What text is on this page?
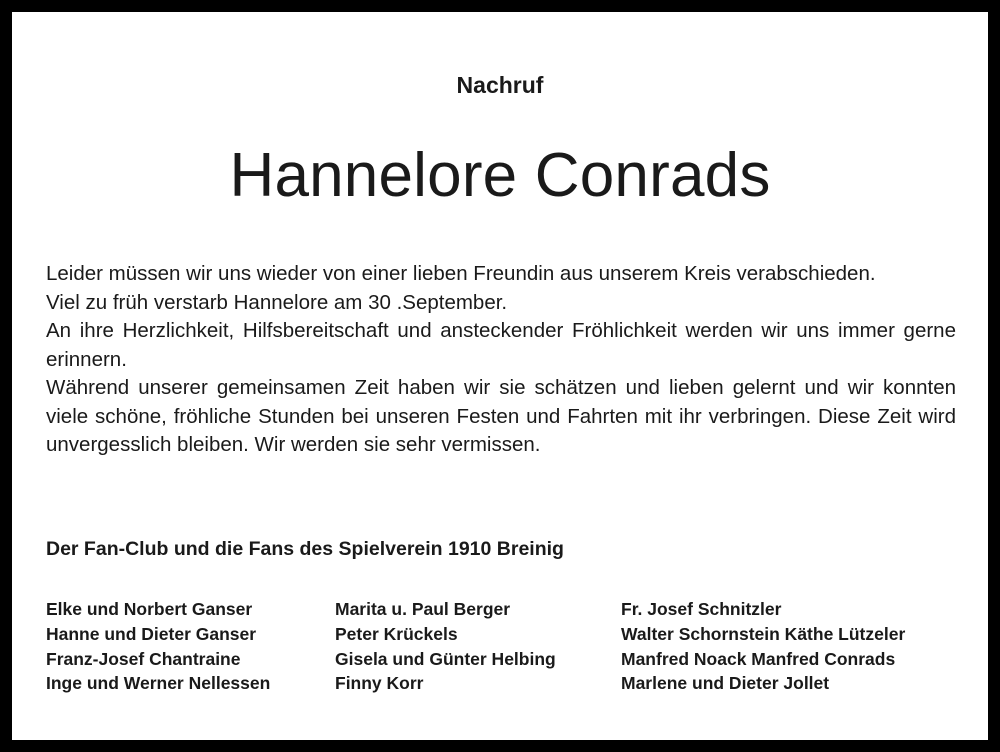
Nachruf
Hannelore Conrads

Leider müssen wir uns wieder von einer lieben Freundin aus unserem Kreis verabschieden.

Viel zu früh verstarb Hannelore am 30 .September.

An ihre Herzlichkeit, Hilfsbereitschaft und ansteckender Fröhlichkeit werden wir uns immer gerne erinnern.

Während unserer gemeinsamen Zeit haben wir sie schätzen und lieben gelernt und wir konnten viele schöne, fröhliche Stunden bei unseren Festen und Fahrten mit ihr verbringen. Diese Zeit wird unvergesslich bleiben. Wir werden sie sehr vermissen.

Der Fan-Club und die Fans des Spielverein 1910 Breinig
Elke und Norbert Ganser
Hanne und Dieter Ganser
Franz-Josef Chantraine
Inge und Werner Nellessen
Marita u. Paul Berger
Peter Krückels
Gisela und Günter Helbing
Finny Korr
Fr. Josef Schnitzler
Walter Schornstein Käthe Lützeler
Manfred Noack Manfred Conrads
Marlene und Dieter Jollet
